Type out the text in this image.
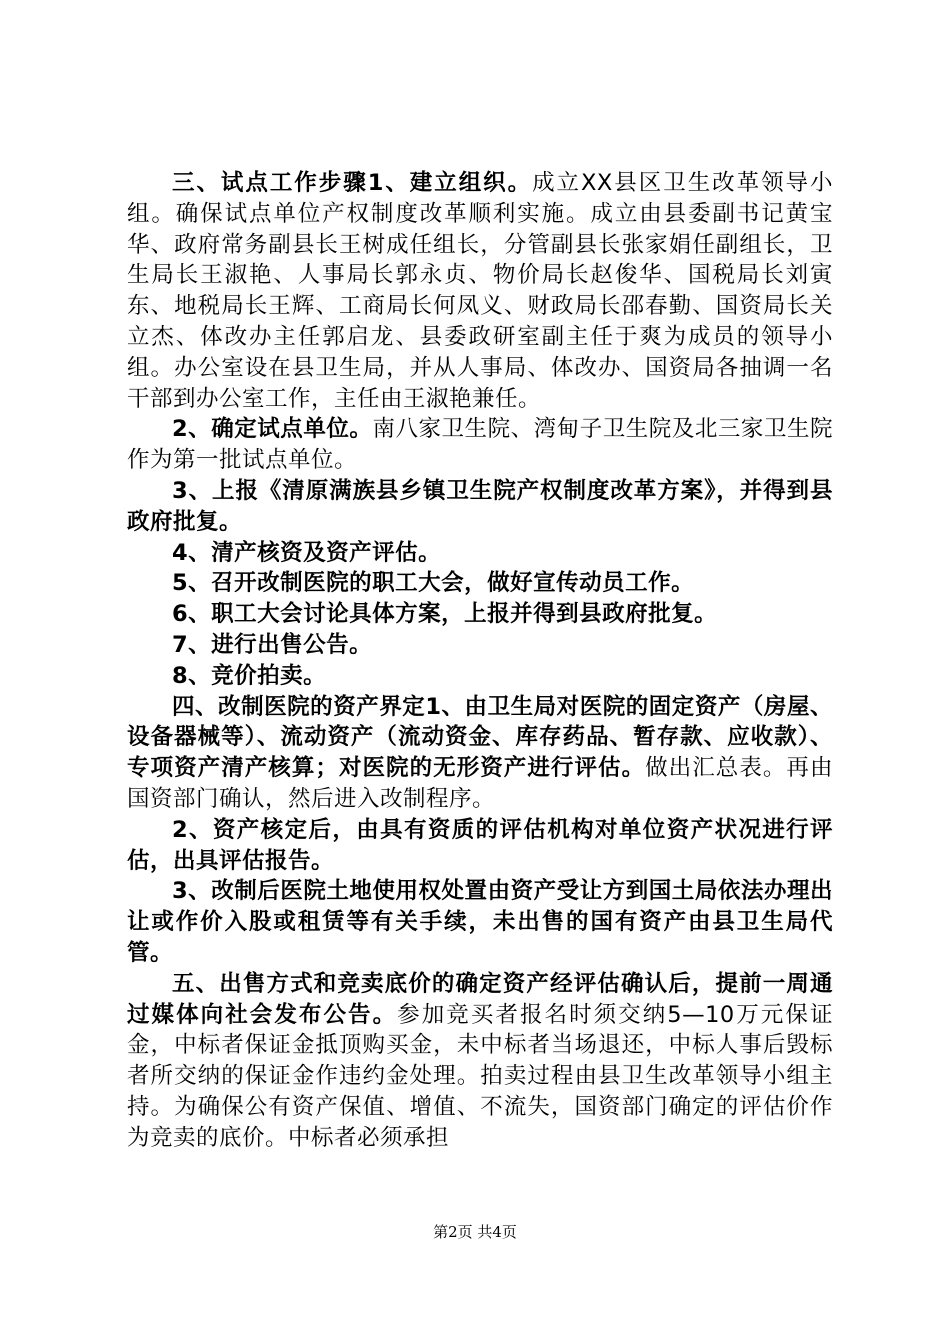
三、试点工作步骤1、建立组织。成立XX县区卫生改革领导小组。确保试点单位产权制度改革顺利实施。成立由县委副书记黄宝华、政府常务副县长王树成任组长，分管副县长张家娟任副组长，卫生局长王淑艳、人事局长郭永贞、物价局长赵俊华、国税局长刘寅东、地税局长王辉、工商局长何凤义、财政局长邵春勤、国资局长关立杰、体改办主任郭启龙、县委政研室副主任于爽为成员的领导小组。办公室设在县卫生局，并从人事局、体改办、国资局各抽调一名干部到办公室工作，主任由王淑艳兼任。

2、确定试点单位。南八家卫生院、湾甸子卫生院及北三家卫生院作为第一批试点单位。

3、上报《清原满族县乡镇卫生院产权制度改革方案》，并得到县政府批复。

4、清产核资及资产评估。

5、召开改制医院的职工大会，做好宣传动员工作。

6、职工大会讨论具体方案，上报并得到县政府批复。

7、进行出售公告。

8、竞价拍卖。

四、改制医院的资产界定1、由卫生局对医院的固定资产（房屋、设备器械等）、流动资产（流动资金、库存药品、暂存款、应收款）、专项资产清产核算；对医院的无形资产进行评估。做出汇总表。再由国资部门确认，然后进入改制程序。

2、资产核定后，由具有资质的评估机构对单位资产状况进行评估，出具评估报告。

3、改制后医院土地使用权处置由资产受让方到国土局依法办理出让或作价入股或租赁等有关手续，未出售的国有资产由县卫生局代管。

五、出售方式和竞卖底价的确定资产经评估确认后，提前一周通过媒体向社会发布公告。参加竞买者报名时须交纳5—10万元保证金，中标者保证金抵顶购买金，未中标者当场退还，中标人事后毁标者所交纳的保证金作违约金处理。拍卖过程由县卫生改革领导小组主持。为确保公有资产保值、增值、不流失，国资部门确定的评估价作为竞卖的底价。中标者必须承担

第2页 共4页
